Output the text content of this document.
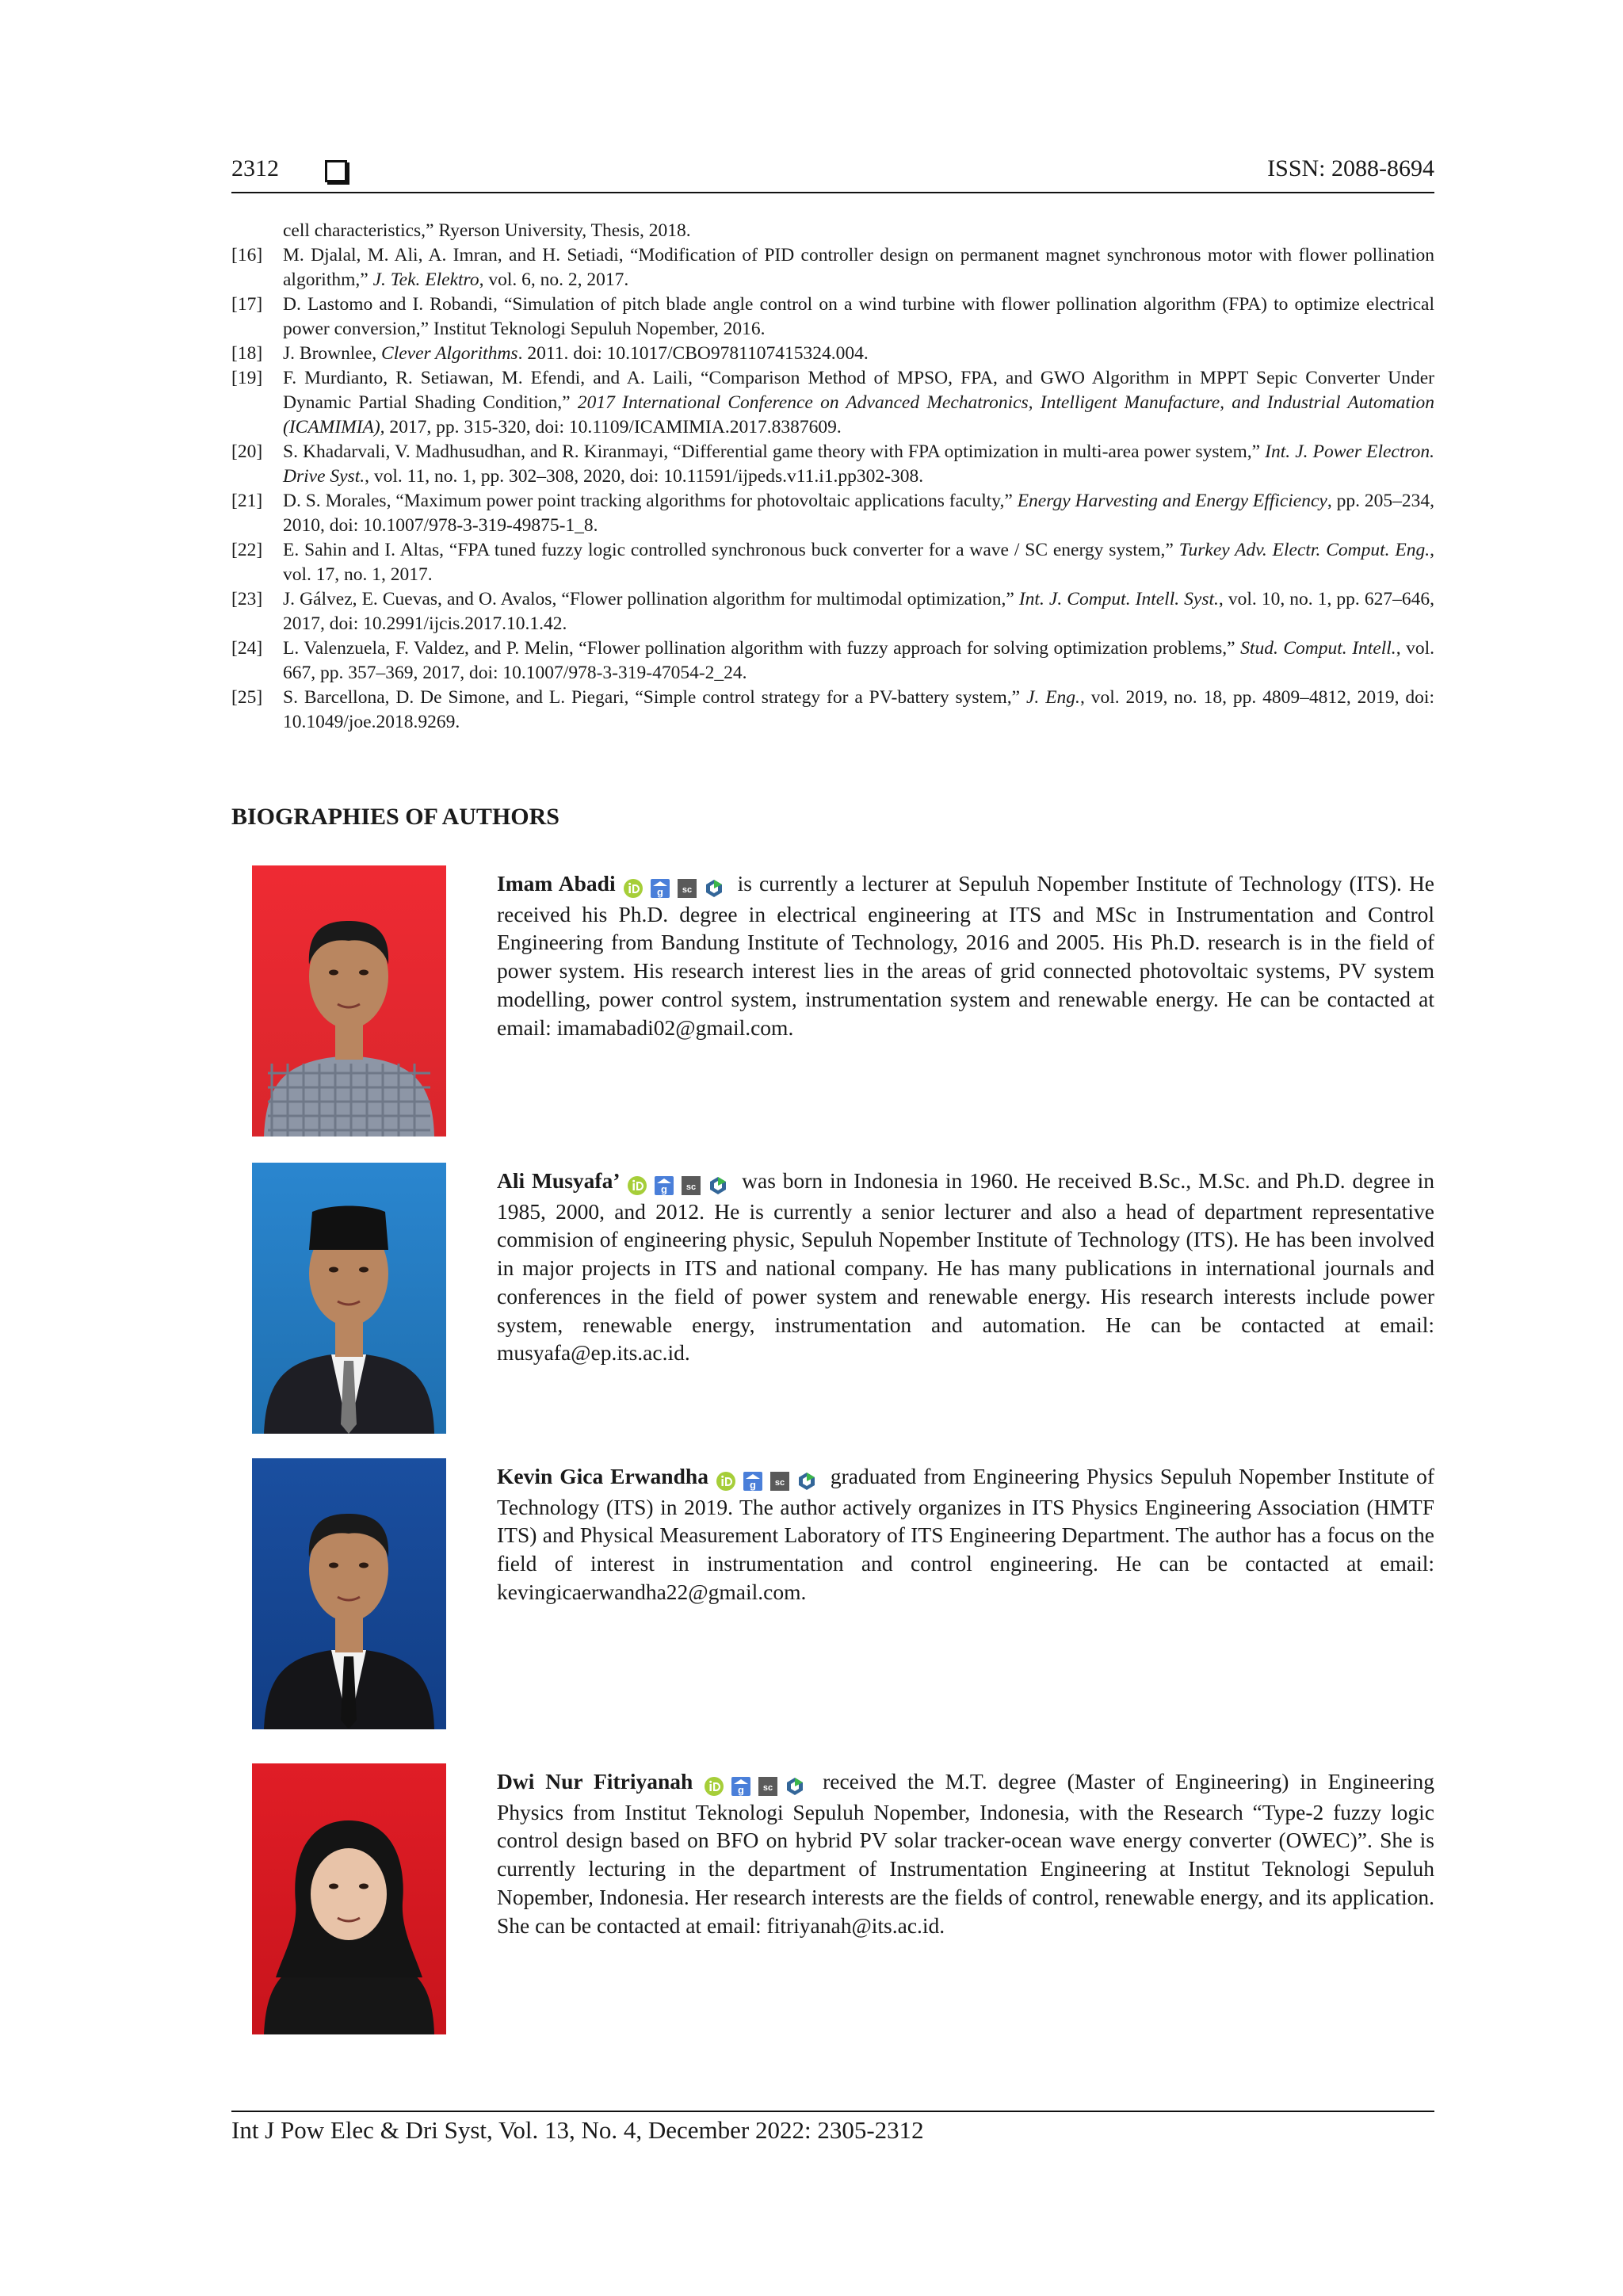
2312	ISSN: 2088-8694
cell characteristics,” Ryerson University, Thesis, 2018.
[16] M. Djalal, M. Ali, A. Imran, and H. Setiadi, “Modification of PID controller design on permanent magnet synchronous motor with flower pollination algorithm,” J. Tek. Elektro, vol. 6, no. 2, 2017.
[17] D. Lastomo and I. Robandi, “Simulation of pitch blade angle control on a wind turbine with flower pollination algorithm (FPA) to optimize electrical power conversion,” Institut Teknologi Sepuluh Nopember, 2016.
[18] J. Brownlee, Clever Algorithms. 2011. doi: 10.1017/CBO9781107415324.004.
[19] F. Murdianto, R. Setiawan, M. Efendi, and A. Laili, “Comparison Method of MPSO, FPA, and GWO Algorithm in MPPT Sepic Converter Under Dynamic Partial Shading Condition,” 2017 International Conference on Advanced Mechatronics, Intelligent Manufacture, and Industrial Automation (ICAMIMIA), 2017, pp. 315-320, doi: 10.1109/ICAMIMIA.2017.8387609.
[20] S. Khadarvali, V. Madhusudhan, and R. Kiranmayi, “Differential game theory with FPA optimization in multi-area power system,” Int. J. Power Electron. Drive Syst., vol. 11, no. 1, pp. 302–308, 2020, doi: 10.11591/ijpeds.v11.i1.pp302-308.
[21] D. S. Morales, “Maximum power point tracking algorithms for photovoltaic applications faculty,” Energy Harvesting and Energy Efficiency, pp. 205–234, 2010, doi: 10.1007/978-3-319-49875-1_8.
[22] E. Sahin and I. Altas, “FPA tuned fuzzy logic controlled synchronous buck converter for a wave / SC energy system,” Turkey Adv. Electr. Comput. Eng., vol. 17, no. 1, 2017.
[23] J. Gálvez, E. Cuevas, and O. Avalos, “Flower pollination algorithm for multimodal optimization,” Int. J. Comput. Intell. Syst., vol. 10, no. 1, pp. 627–646, 2017, doi: 10.2991/ijcis.2017.10.1.42.
[24] L. Valenzuela, F. Valdez, and P. Melin, “Flower pollination algorithm with fuzzy approach for solving optimization problems,” Stud. Comput. Intell., vol. 667, pp. 357–369, 2017, doi: 10.1007/978-3-319-47054-2_24.
[25] S. Barcellona, D. De Simone, and L. Piegari, “Simple control strategy for a PV-battery system,” J. Eng., vol. 2019, no. 18, pp. 4809–4812, 2019, doi: 10.1049/joe.2018.9269.
BIOGRAPHIES OF AUTHORS
Imam Abadi	g sc is currently a lecturer at Sepuluh Nopember Institute of Technology (ITS). He received his Ph.D. degree in electrical engineering at ITS and MSc in Instrumentation and Control Engineering from Bandung Institute of Technology, 2016 and 2005. His Ph.D. research is in the field of power system. His research interest lies in the areas of grid connected photovoltaic systems, PV system modelling, power control system, instrumentation system and renewable energy. He can be contacted at email: imamabadi02@gmail.com.
Ali Musyafa’	g sc was born in Indonesia in 1960. He received B.Sc., M.Sc. and Ph.D. degree in 1985, 2000, and 2012. He is currently a senior lecturer and also a head of department representative commision of engineering physic, Sepuluh Nopember Institute of Technology (ITS). He has been involved in major projects in ITS and national company. He has many publications in international journals and conferences in the field of power system and renewable energy. His research interests include power system, renewable energy, instrumentation and automation. He can be contacted at email: musyafa@ep.its.ac.id.
Kevin Gica Erwandha	g sc graduated from Engineering Physics Sepuluh Nopember Institute of Technology (ITS) in 2019. The author actively organizes in ITS Physics Engineering Association (HMTF ITS) and Physical Measurement Laboratory of ITS Engineering Department. The author has a focus on the field of interest in instrumentation and control engineering. He can be contacted at email: kevingicaerwandha22@gmail.com.
Dwi Nur Fitriyanah	g sc received the M.T. degree (Master of Engineering) in Engineering Physics from Institut Teknologi Sepuluh Nopember, Indonesia, with the Research “Type-2 fuzzy logic control design based on BFO on hybrid PV solar tracker-ocean wave energy converter (OWEC)”. She is currently lecturing in the department of Instrumentation Engineering at Institut Teknologi Sepuluh Nopember, Indonesia. Her research interests are the fields of control, renewable energy, and its application. She can be contacted at email: fitriyanah@its.ac.id.
Int J Pow Elec & Dri Syst, Vol. 13, No. 4, December 2022: 2305-2312
